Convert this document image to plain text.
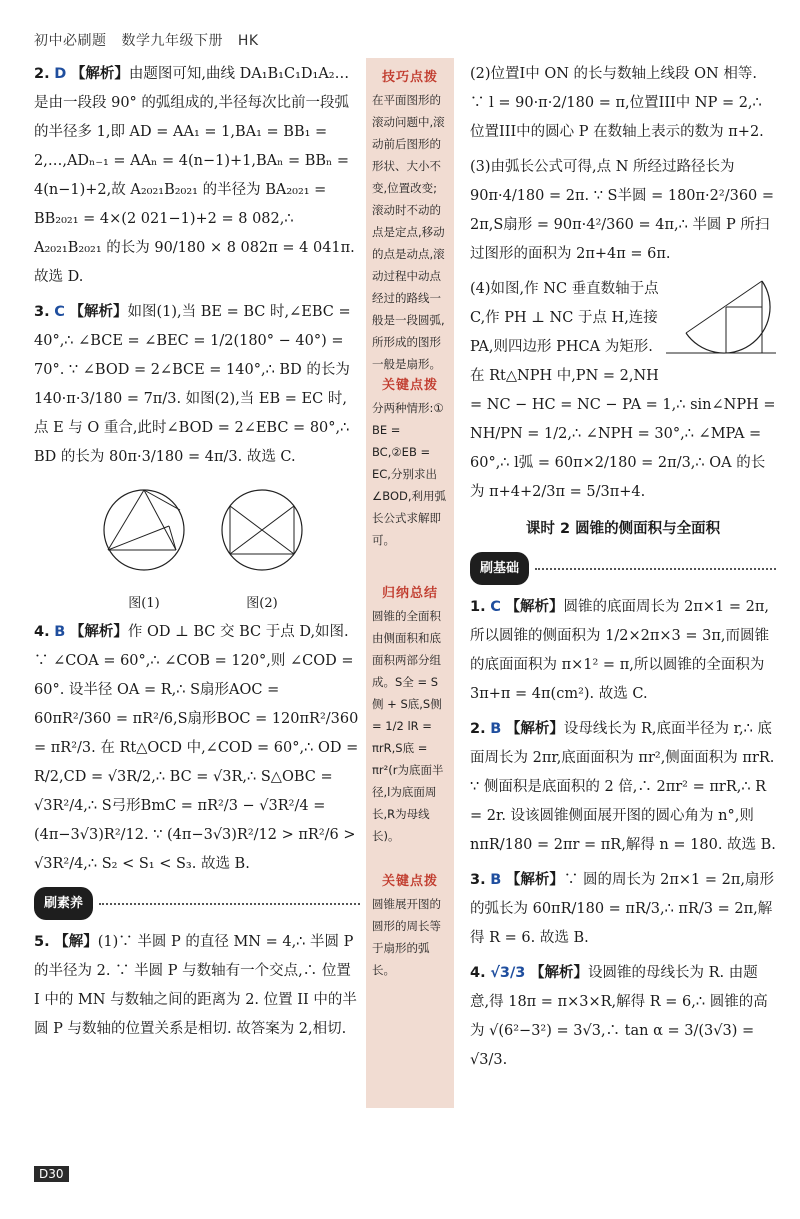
初中必刷题 数学九年级下册 HK
2. D 【解析】由题图可知,曲线 DA₁B₁C₁D₁A₂… 是由一段段 90° 的弧组成的,半径每次比前一段弧的半径多 1,即 AD = AA₁ = 1,BA₁ = BB₁ = 2,…,ADₙ₋₁ = AAₙ = 4(n−1)+1,BAₙ = BBₙ = 4(n−1)+2,故 A₂₀₂₁B₂₀₂₁ 的半径为 BA₂₀₂₁ = BB₂₀₂₁ = 4×(2 021−1)+2 = 8 082,∴ A₂₀₂₁B₂₀₂₁ 的长为 90/180 × 8 082π = 4 041π. 故选 D.
3. C 【解析】如图(1),当 BE = BC 时,∠EBC = 40°,∴ ∠BCE = ∠BEC = 1/2(180° − 40°) = 70°. ∵ ∠BOD = 2∠BCE = 140°,∴ BD 的长为 140·π·3/180 = 7π/3. 如图(2),当 EB = EC 时,点 E 与 O 重合,此时∠BOD = 2∠EBC = 80°,∴ BD 的长为 80π·3/180 = 4π/3. 故选 C.
图(1)	图(2)
4. B 【解析】作 OD ⊥ BC 交 BC 于点 D,如图. ∵ ∠COA = 60°,∴ ∠COB = 120°,则 ∠COD = 60°. 设半径 OA = R,∴ S扇形AOC = 60πR²/360 = πR²/6,S扇形BOC = 120πR²/360 = πR²/3. 在 Rt△OCD 中,∠COD = 60°,∴ OD = R/2,CD = √3R/2,∴ BC = √3R,∴ S△OBC = √3R²/4,∴ S弓形BmC = πR²/3 − √3R²/4 = (4π−3√3)R²/12. ∵ (4π−3√3)R²/12 > πR²/6 > √3R²/4,∴ S₂ < S₁ < S₃. 故选 B.
刷素养
5. 【解】(1)∵ 半圆 P 的直径 MN = 4,∴ 半圆 P 的半径为 2. ∵ 半圆 P 与数轴有一个交点,∴ 位置 I 中的 MN 与数轴之间的距离为 2. 位置 II 中的半圆 P 与数轴的位置关系是相切. 故答案为 2,相切.
技巧点拨
在平面图形的滚动问题中,滚动前后图形的形状、大小不变,位置改变;滚动时不动的点是定点,移动的点是动点,滚动过程中动点经过的路线一般是一段圆弧,所形成的图形一般是扇形。
关键点拨
分两种情形:① BE = BC,②EB = EC,分别求出∠BOD,利用弧长公式求解即可。
归纳总结
圆锥的全面积由侧面积和底面积两部分组成。S全 = S侧 + S底,S侧 = 1/2 lR = πrR,S底 = πr²(r为底面半径,l为底面周长,R为母线长)。
关键点拨
圆锥展开图的圆形的周长等于扇形的弧长。
(2)位置I中 ON 的长与数轴上线段 ON 相等. ∵ l = 90·π·2/180 = π,位置III中 NP = 2,∴ 位置III中的圆心 P 在数轴上表示的数为 π+2.
(3)由弧长公式可得,点 N 所经过路径长为 90π·4/180 = 2π. ∵ S半圆 = 180π·2²/360 = 2π,S扇形 = 90π·4²/360 = 4π,∴ 半圆 P 所扫过图形的面积为 2π+4π = 6π.
(4)如图,作 NC 垂直数轴于点 C,作 PH ⊥ NC 于点 H,连接 PA,则四边形 PHCA 为矩形. 在 Rt△NPH 中,PN = 2,NH = NC − HC = NC − PA = 1,∴ sin∠NPH = NH/PN = 1/2,∴ ∠NPH = 30°,∴ ∠MPA = 60°,∴ l弧 = 60π×2/180 = 2π/3,∴ OA 的长为 π+4+2/3π = 5/3π+4.
课时 2 圆锥的侧面积与全面积
刷基础
1. C 【解析】圆锥的底面周长为 2π×1 = 2π,所以圆锥的侧面积为 1/2×2π×3 = 3π,而圆锥的底面面积为 π×1² = π,所以圆锥的全面积为 3π+π = 4π(cm²). 故选 C.
2. B 【解析】设母线长为 R,底面半径为 r,∴ 底面周长为 2πr,底面面积为 πr²,侧面面积为 πrR. ∵ 侧面积是底面积的 2 倍,∴ 2πr² = πrR,∴ R = 2r. 设该圆锥侧面展开图的圆心角为 n°,则 nπR/180 = 2πr = πR,解得 n = 180. 故选 B.
3. B 【解析】∵ 圆的周长为 2π×1 = 2π,扇形的弧长为 60πR/180 = πR/3,∴ πR/3 = 2π,解得 R = 6. 故选 B.
4. √3/3 【解析】设圆锥的母线长为 R. 由题意,得 18π = π×3×R,解得 R = 6,∴ 圆锥的高为 √(6²−3²) = 3√3,∴ tan α = 3/(3√3) = √3/3.
D30
